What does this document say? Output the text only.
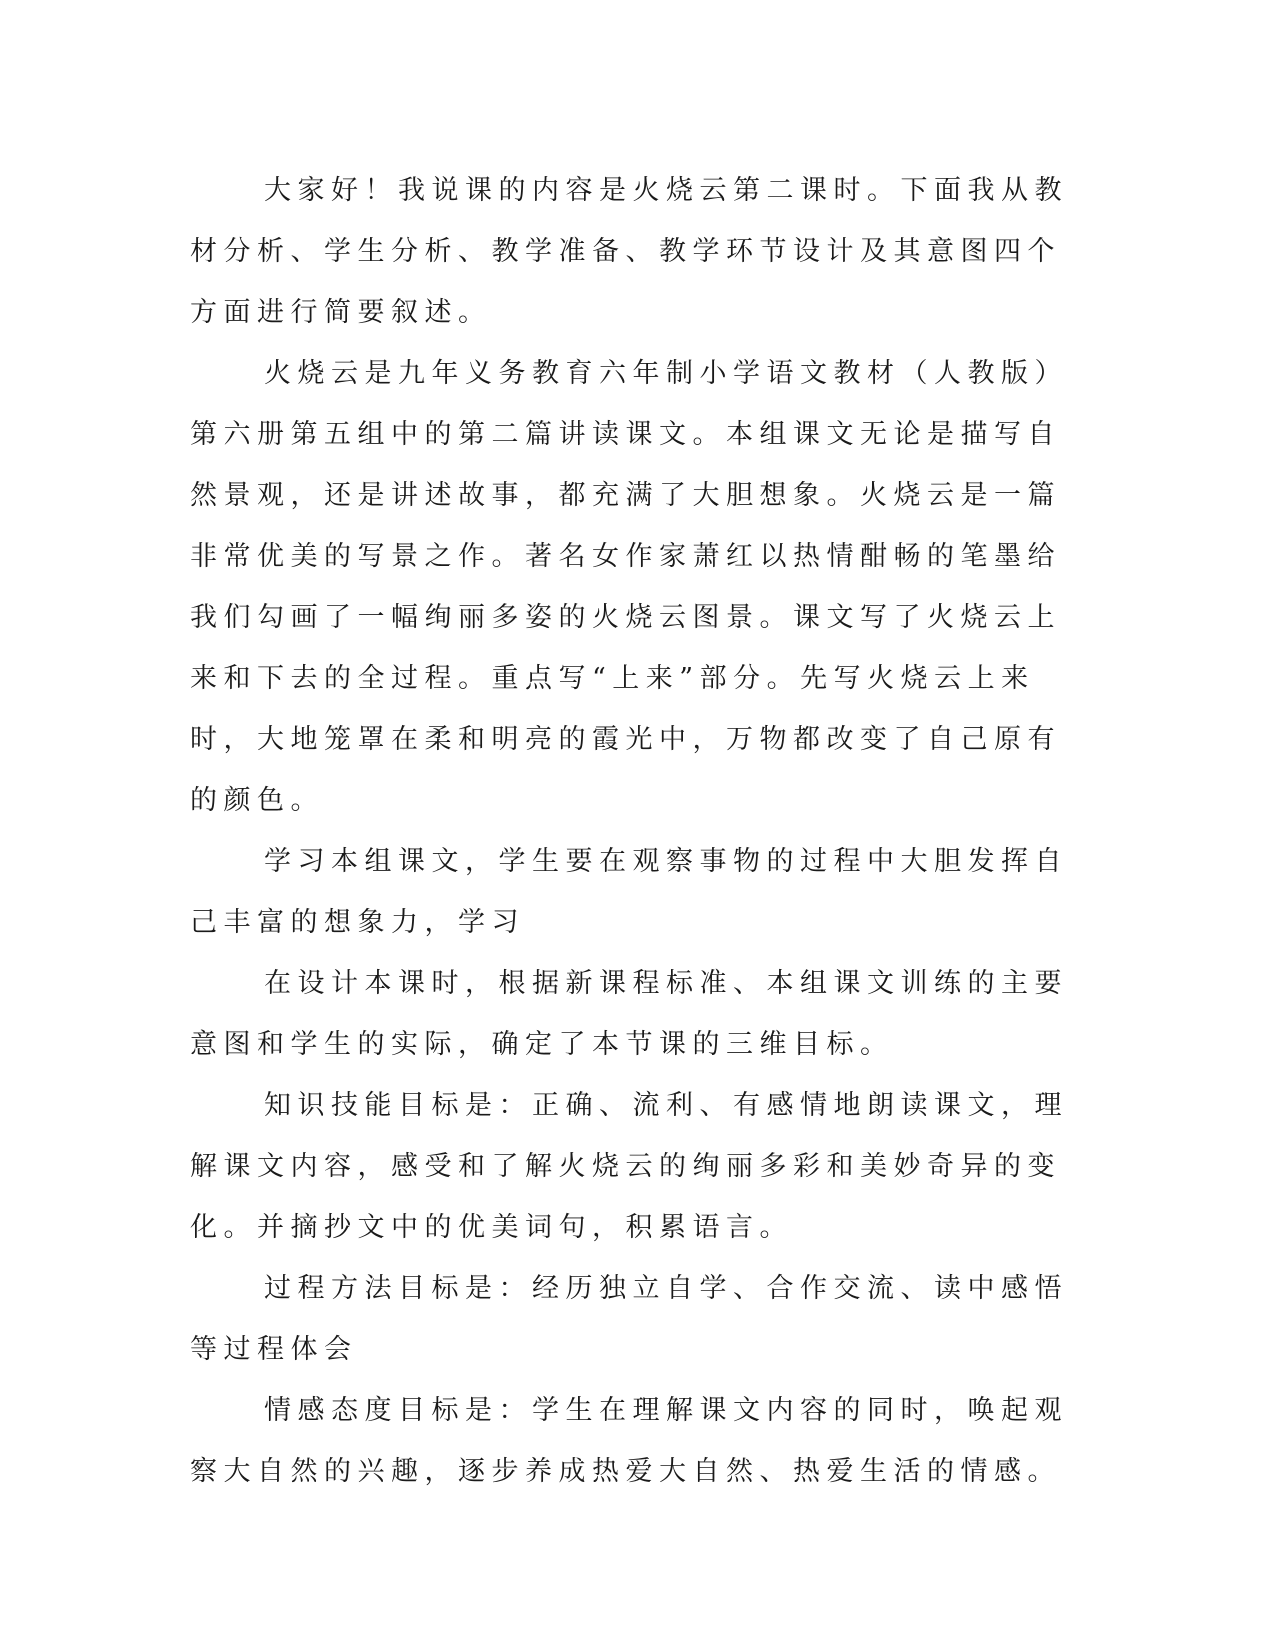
大家好！我说课的内容是火烧云第二课时。下面我从教材分析、学生分析、教学准备、教学环节设计及其意图四个方面进行简要叙述。

火烧云是九年义务教育六年制小学语文教材（人教版）第六册第五组中的第二篇讲读课文。本组课文无论是描写自然景观，还是讲述故事，都充满了大胆想象。火烧云是一篇非常优美的写景之作。著名女作家萧红以热情酣畅的笔墨给我们勾画了一幅绚丽多姿的火烧云图景。课文写了火烧云上来和下去的全过程。重点写“上来”部分。先写火烧云上来时，大地笼罩在柔和明亮的霞光中，万物都改变了自己原有的颜色。

学习本组课文，学生要在观察事物的过程中大胆发挥自己丰富的想象力，学习

在设计本课时，根据新课程标准、本组课文训练的主要意图和学生的实际，确定了本节课的三维目标。

知识技能目标是：正确、流利、有感情地朗读课文，理解课文内容，感受和了解火烧云的绚丽多彩和美妙奇异的变化。并摘抄文中的优美词句，积累语言。

过程方法目标是：经历独立自学、合作交流、读中感悟等过程体会

情感态度目标是：学生在理解课文内容的同时，唤起观察大自然的兴趣，逐步养成热爱大自然、热爱生活的情感。
